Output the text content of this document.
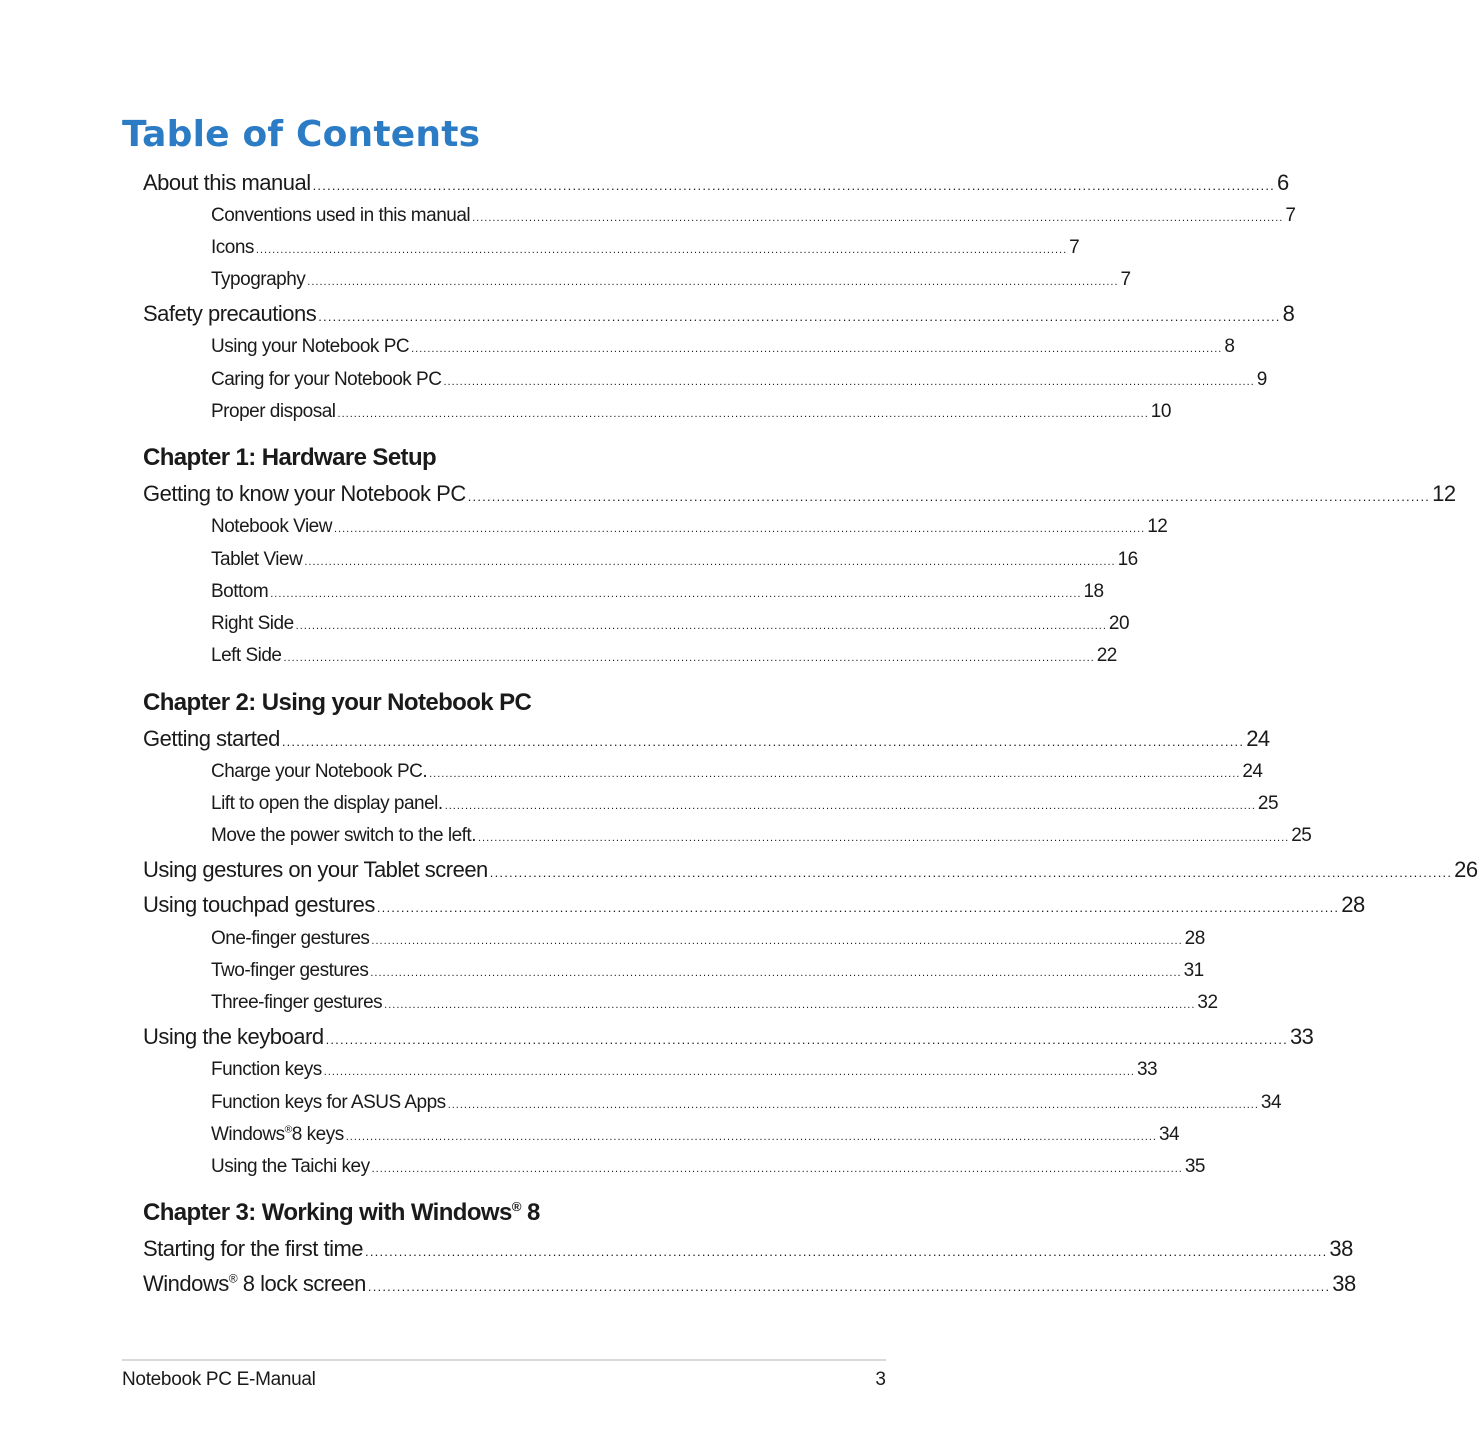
Table of Contents
About this manual ........................................................................................................................................................................................................ 6
Conventions used in this manual ........................................................................................................................................................................................................ 7
Icons ........................................................................................................................................................................................................ 7
Typography ........................................................................................................................................................................................................ 7
Safety precautions ........................................................................................................................................................................................................ 8
Using your Notebook PC ........................................................................................................................................................................................................ 8
Caring for your Notebook PC ........................................................................................................................................................................................................ 9
Proper disposal ........................................................................................................................................................................................................ 10
Chapter 1: Hardware Setup
Getting to know your Notebook PC ........................................................................................................................................................................................................ 12
Notebook View ........................................................................................................................................................................................................ 12
Tablet View ........................................................................................................................................................................................................ 16
Bottom ........................................................................................................................................................................................................ 18
Right Side ........................................................................................................................................................................................................ 20
Left Side ........................................................................................................................................................................................................ 22
Chapter 2: Using your Notebook PC
Getting started ........................................................................................................................................................................................................ 24
Charge your Notebook PC. ........................................................................................................................................................................................................ 24
Lift to open the display panel. ........................................................................................................................................................................................................ 25
Move the power switch to the left. ........................................................................................................................................................................................................ 25
Using gestures on your Tablet screen ........................................................................................................................................................................................................ 26
Using touchpad gestures ........................................................................................................................................................................................................ 28
One-finger gestures ........................................................................................................................................................................................................ 28
Two-finger gestures ........................................................................................................................................................................................................ 31
Three-finger gestures ........................................................................................................................................................................................................ 32
Using the keyboard ........................................................................................................................................................................................................ 33
Function keys ........................................................................................................................................................................................................ 33
Function keys for ASUS Apps ........................................................................................................................................................................................................ 34
Windows®8 keys ........................................................................................................................................................................................................ 34
Using the Taichi key ........................................................................................................................................................................................................ 35
Chapter 3: Working with Windows® 8
Starting for the first time ........................................................................................................................................................................................................ 38
Windows® 8 lock screen ........................................................................................................................................................................................................ 38
Notebook PC E-Manual	3
